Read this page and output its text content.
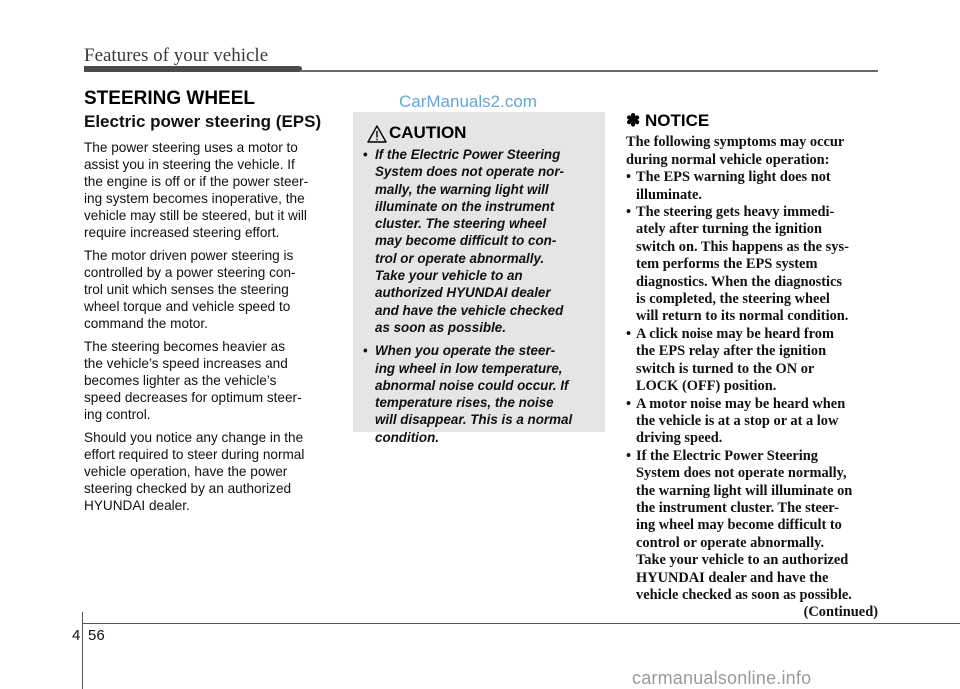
Features of your vehicle
STEERING WHEEL	CarManuals2.com
Electric power steering (EPS)

The power steering uses a motor to
assist you in steering the vehicle. If
the engine is off or if the power steer-
ing system becomes inoperative, the
vehicle may still be steered, but it will
require increased steering effort.

The motor driven power steering is
controlled by a power steering con-
trol unit which senses the steering
wheel torque and vehicle speed to
command the motor.

The steering becomes heavier as
the vehicle’s speed increases and
becomes lighter as the vehicle’s
speed decreases for optimum steer-
ing control.

Should you notice any change in the
effort required to steer during normal
vehicle operation, have the power
steering checked by an authorized
HYUNDAI dealer.

CAUTION
• If the Electric Power Steering
System does not operate nor-
mally, the warning light will
illuminate on the instrument
cluster. The steering wheel
may become difficult to con-
trol or operate abnormally.
Take your vehicle to an
authorized HYUNDAI dealer
and have the vehicle checked
as soon as possible.
• When you operate the steer-
ing wheel in low temperature,
abnormal noise could occur. If
temperature rises, the noise
will disappear. This is a normal
condition.
✽ NOTICE

The following symptoms may occur
during normal vehicle operation:

• The EPS warning light does not
illuminate.
• The steering gets heavy immedi-
ately after turning the ignition
switch on. This happens as the sys-
tem performs the EPS system
diagnostics. When the diagnostics
is completed, the steering wheel
will return to its normal condition.
• A click noise may be heard from
the EPS relay after the ignition
switch is turned to the ON or
LOCK (OFF) position.
• A motor noise may be heard when
the vehicle is at a stop or at a low
driving speed.
• If the Electric Power Steering
System does not operate normally,
the warning light will illuminate on
the instrument cluster. The steer-
ing wheel may become difficult to
control or operate abnormally.
Take your vehicle to an authorized
HYUNDAI dealer and have the
vehicle checked as soon as possible.

(Continued)

4 56
carmanualsonline.info
